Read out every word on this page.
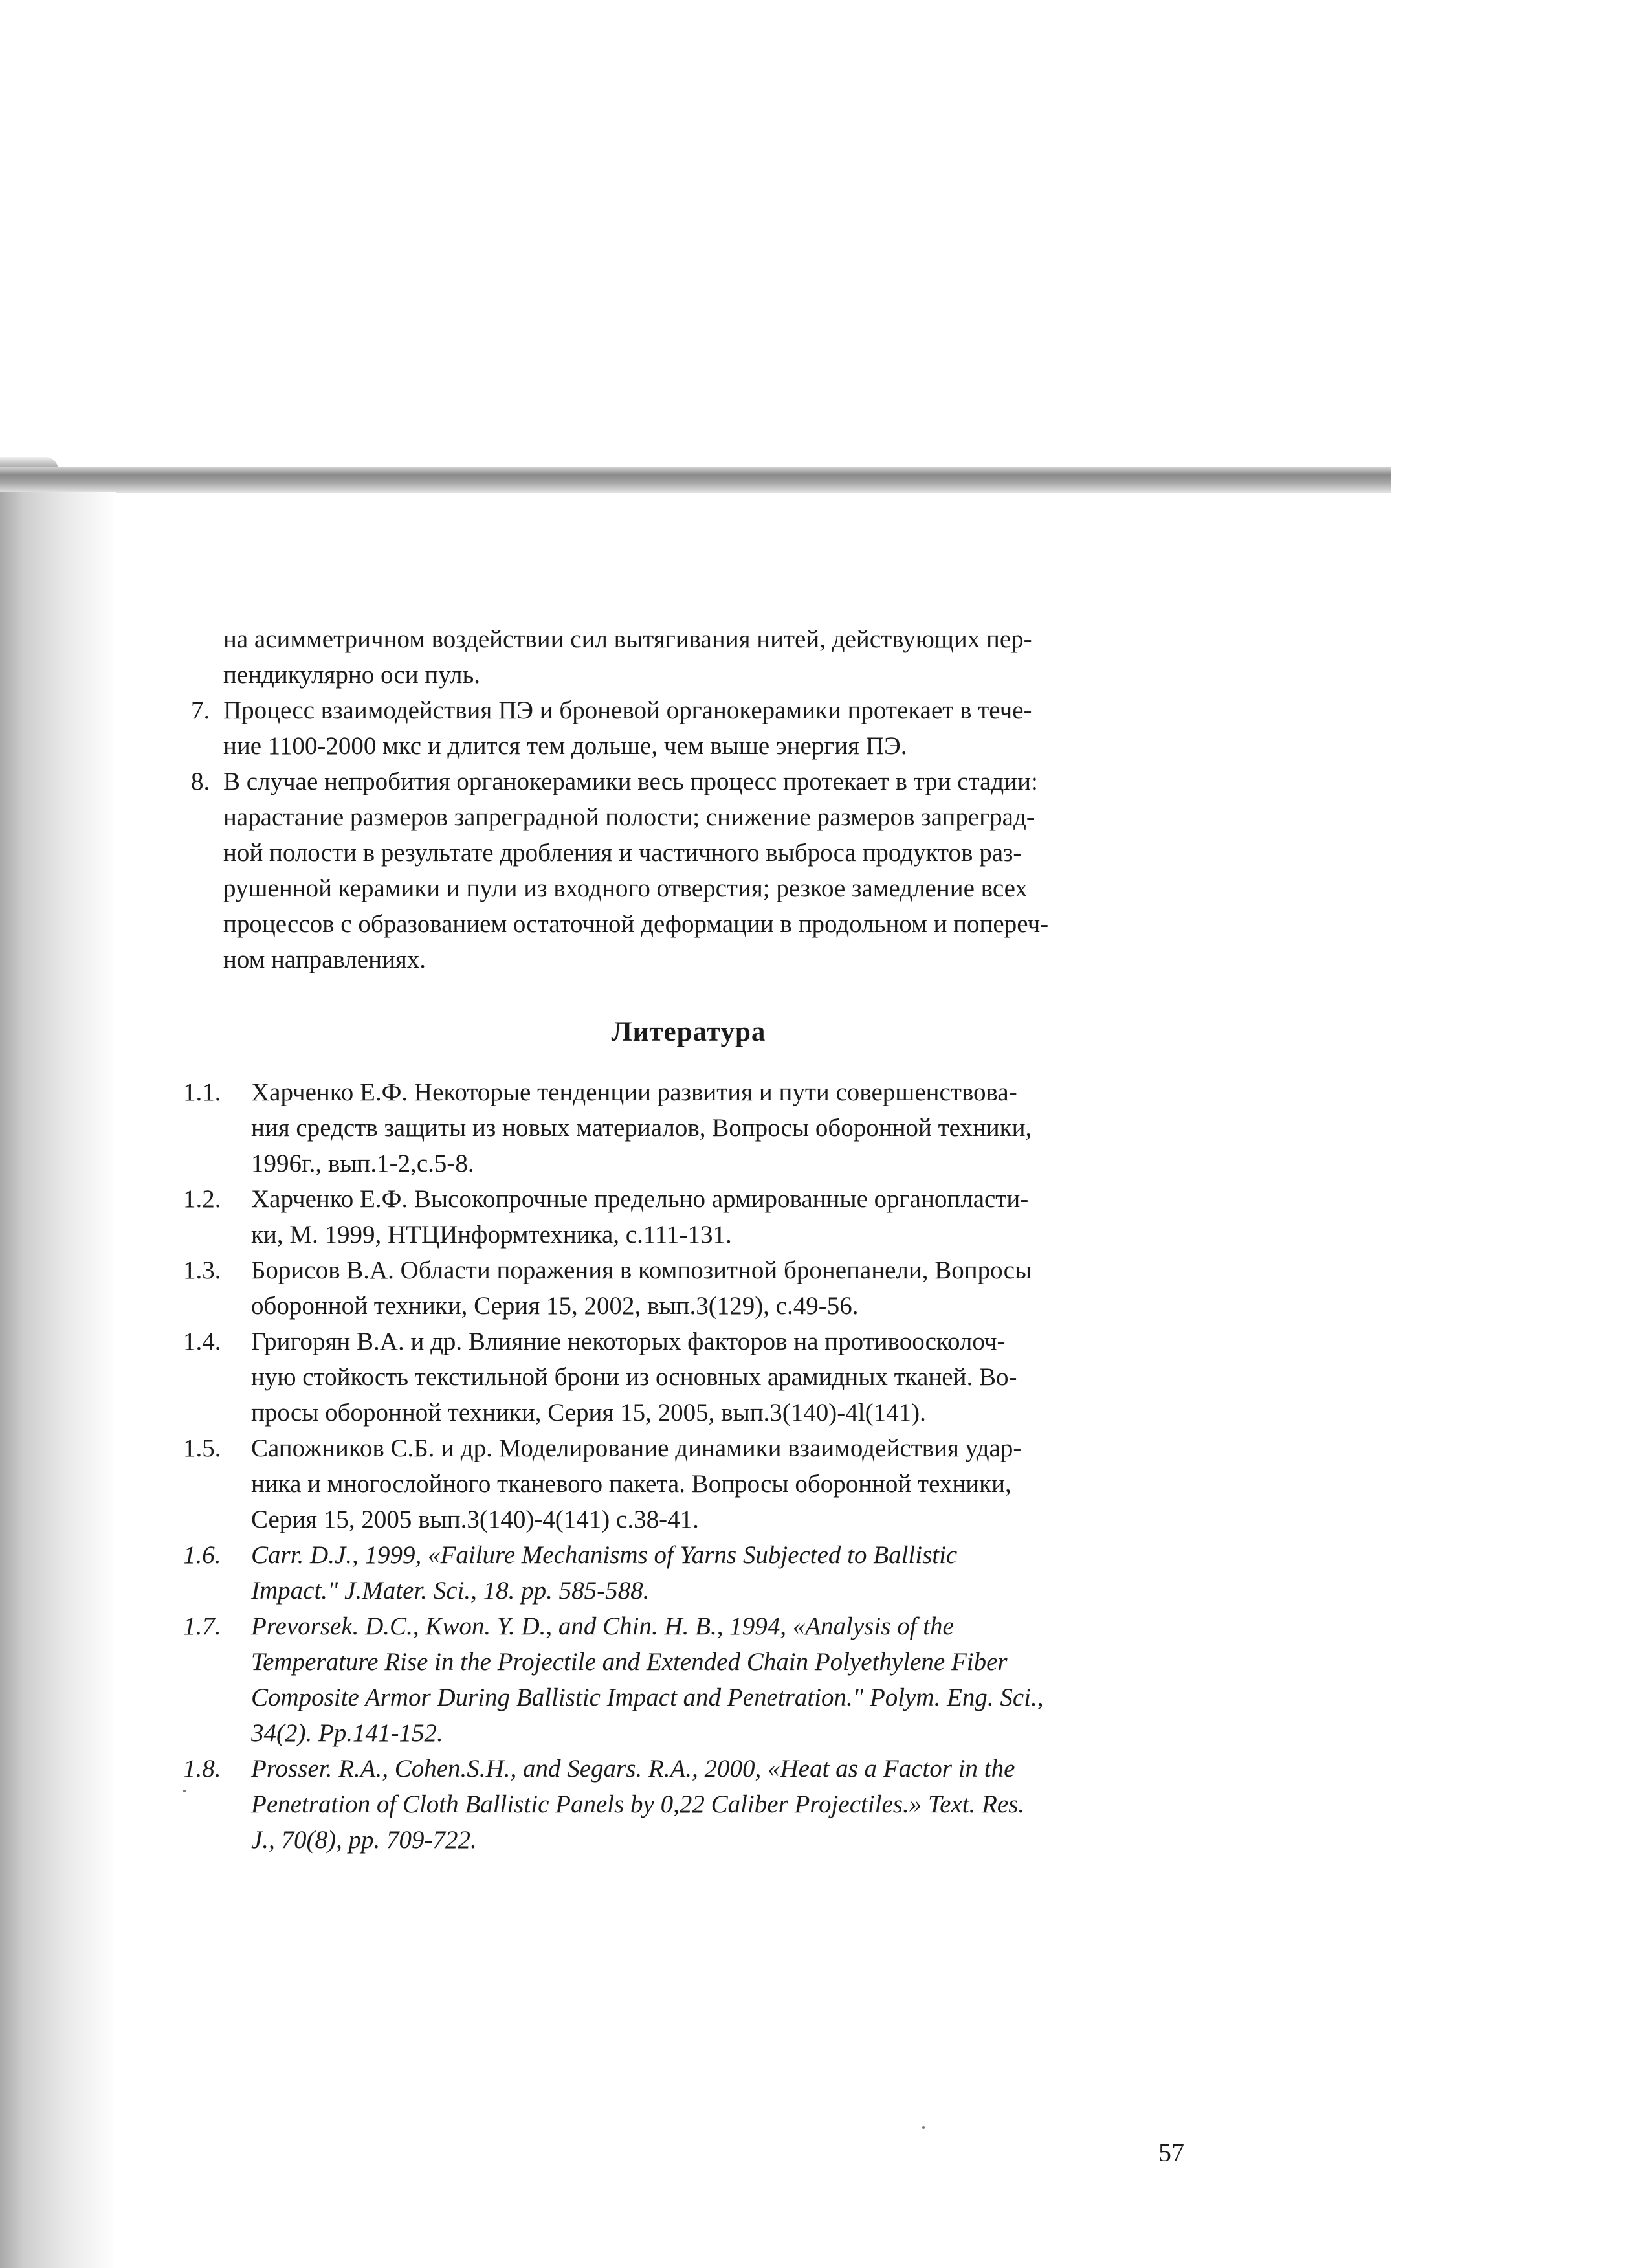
на асимметричном воздействии сил вытягивания нитей, действующих пер-
пендикулярно оси пуль.
7. Процесс взаимодействия ПЭ и броневой органокерамики протекает в тече-
ние 1100-2000 мкс и длится тем дольше, чем выше энергия ПЭ.
8. В случае непробития органокерамики весь процесс протекает в три стадии:
нарастание размеров запреградной полости; снижение размеров запреград-
ной полости в результате дробления и частичного выброса продуктов раз-
рушенной керамики и пули из входного отверстия; резкое замедление всех
процессов с образованием остаточной деформации в продольном и попереч-
ном направлениях.
Литература
1.1. Харченко Е.Ф. Некоторые тенденции развития и пути совершенствова-
ния средств защиты из новых материалов, Вопросы оборонной техники,
1996г., вып.1-2,с.5-8.
1.2. Харченко Е.Ф. Высокопрочные предельно армированные органопласти-
ки, М. 1999, НТЦИнформтехника, с.111-131.
1.3. Борисов В.А. Области поражения в композитной бронепанели, Вопросы
оборонной техники, Серия 15, 2002, вып.3(129), с.49-56.
1.4. Григорян В.А. и др. Влияние некоторых факторов на противоосколоч-
ную стойкость текстильной брони из основных арамидных тканей. Во-
просы оборонной техники, Серия 15, 2005, вып.3(140)-4l(141).
1.5. Сапожников С.Б. и др. Моделирование динамики взаимодействия удар-
ника и многослойного тканевого пакета. Вопросы оборонной техники,
Серия 15, 2005 вып.3(140)-4(141) с.38-41.
1.6. Carr. D.J., 1999, «Failure Mechanisms of Yarns Subjected to Ballistic
Impact." J.Mater. Sci., 18. pp. 585-588.
1.7. Prevorsek. D.C., Kwon. Y. D., and Chin. H. B., 1994, «Analysis of the
Temperature Rise in the Projectile and Extended Chain Polyethylene Fiber
Composite Armor During Ballistic Impact and Penetration." Polym. Eng. Sci.,
34(2). Pp.141-152.
1.8. Prosser. R.A., Cohen.S.H., and Segars. R.A., 2000, «Heat as a Factor in the
Penetration of Cloth Ballistic Panels by 0,22 Caliber Projectiles.» Text. Res.
J., 70(8), pp. 709-722.
57
